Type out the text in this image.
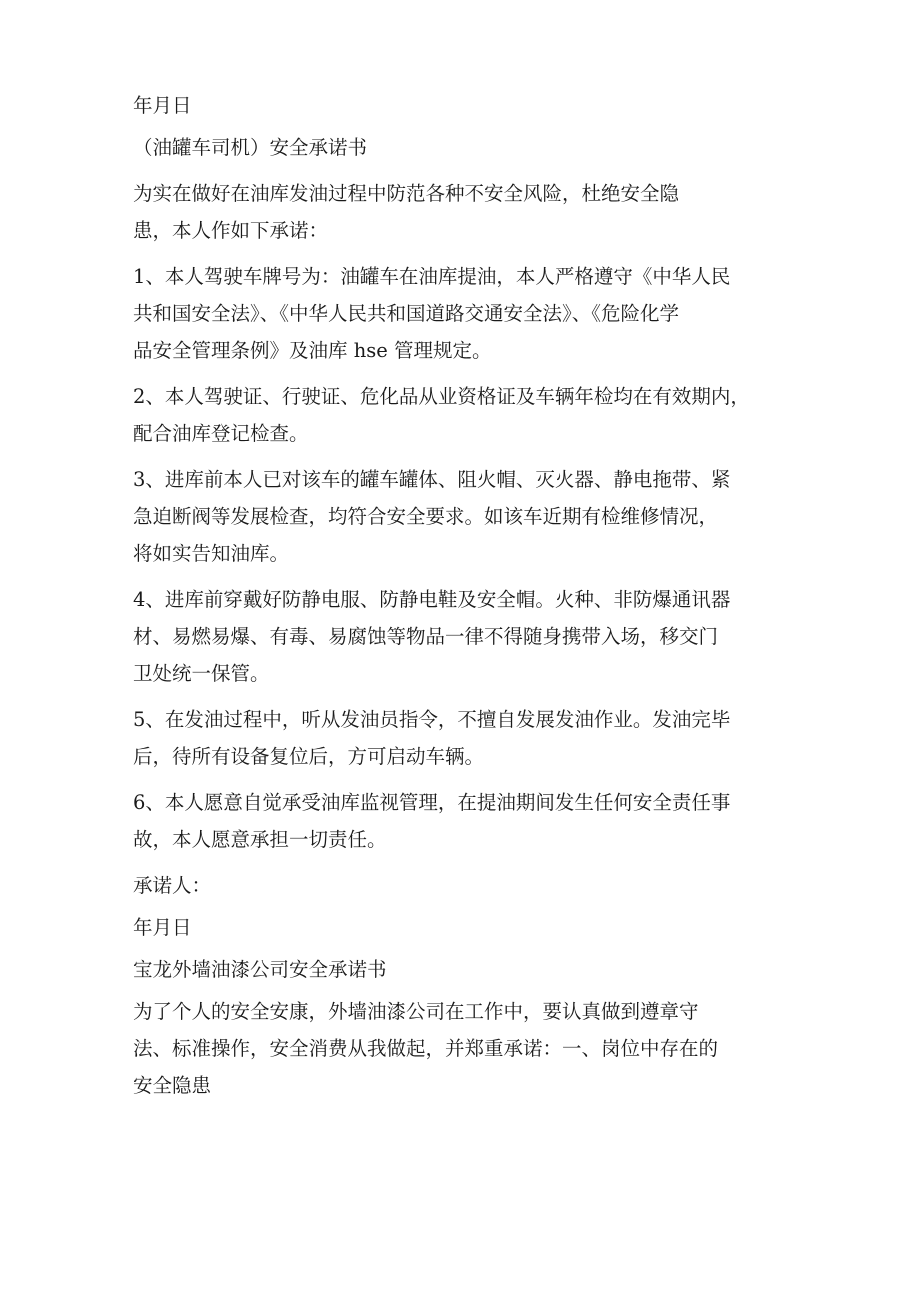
年月日

（油罐车司机）安全承诺书

为实在做好在油库发油过程中防范各种不安全风险，杜绝安全隐

患，本人作如下承诺：

1、本人驾驶车牌号为：油罐车在油库提油，本人严格遵守《中华人民

共和国安全法》、《中华人民共和国道路交通安全法》、《危险化学

品安全管理条例》及油库 hse 管理规定。

2、本人驾驶证、行驶证、危化品从业资格证及车辆年检均在有效期内，

配合油库登记检查。

3、进库前本人已对该车的罐车罐体、阻火帽、灭火器、静电拖带、紧

急迫断阀等发展检查，均符合安全要求。如该车近期有检维修情况，

将如实告知油库。

4、进库前穿戴好防静电服、防静电鞋及安全帽。火种、非防爆通讯器

材、易燃易爆、有毒、易腐蚀等物品一律不得随身携带入场，移交门

卫处统一保管。

5、在发油过程中，听从发油员指令，不擅自发展发油作业。发油完毕

后，待所有设备复位后，方可启动车辆。

6、本人愿意自觉承受油库监视管理，在提油期间发生任何安全责任事

故，本人愿意承担一切责任。

承诺人：

年月日

宝龙外墙油漆公司安全承诺书

为了个人的安全安康，外墙油漆公司在工作中，要认真做到遵章守

法、标准操作，安全消费从我做起，并郑重承诺：一、岗位中存在的

安全隐患
